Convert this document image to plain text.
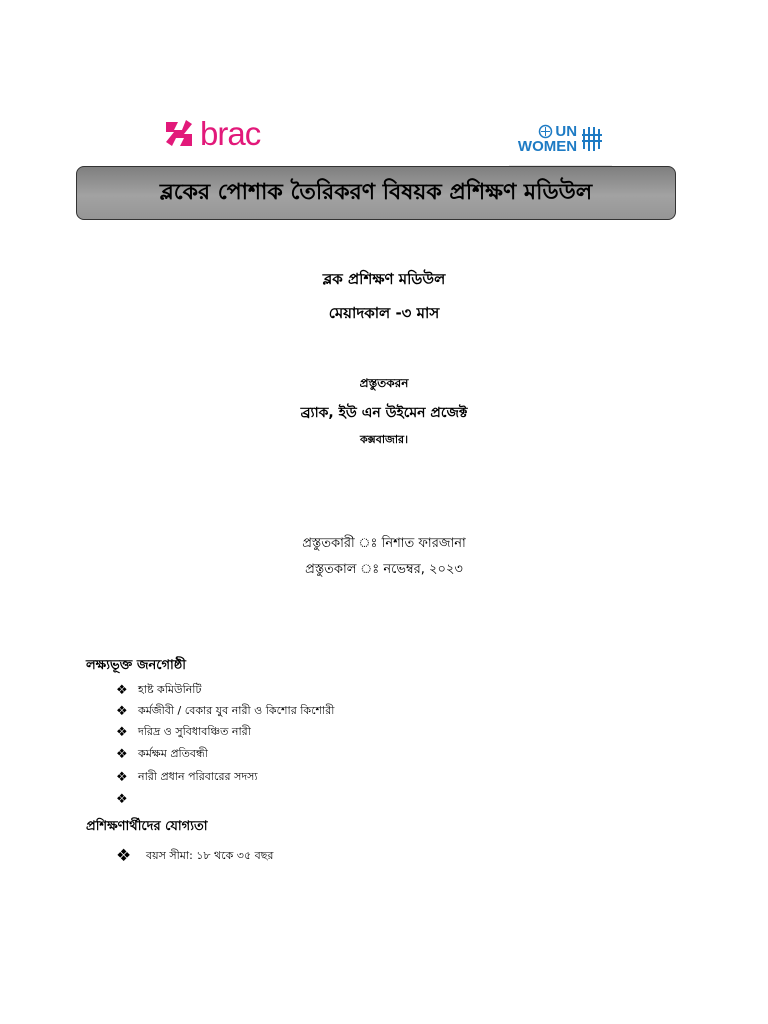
brac	UN
WOMEN
ব্লকের পোশাক তৈরিকরণ বিষয়ক প্রশিক্ষণ মডিউল
ব্লক প্রশিক্ষণ মডিউল
মেয়াদকাল -৩ মাস
প্রস্তুতকরন
ব্র্যাক, ইউ এন উইমেন প্রজেক্ট
কক্সবাজার।
প্রস্তুতকারী ঃ নিশাত ফারজানা
প্রস্তুতকাল ঃ নভেম্বর, ২০২৩
লক্ষ্যভূক্ত জনগোষ্ঠী
❖ হাষ্ট কমিউনিটি
❖ কর্মজীবী / বেকার যুব নারী ও কিশোর কিশোরী
❖ দরিদ্র ও সুবিধাবঞ্চিত নারী
❖ কর্মক্ষম প্রতিবন্ধী
❖ নারী প্রধান পরিবারের সদস্য
❖
প্রশিক্ষণার্থীদের যোগ্যতা
❖	বয়স সীমা: ১৮ থকে ৩৫ বছর
